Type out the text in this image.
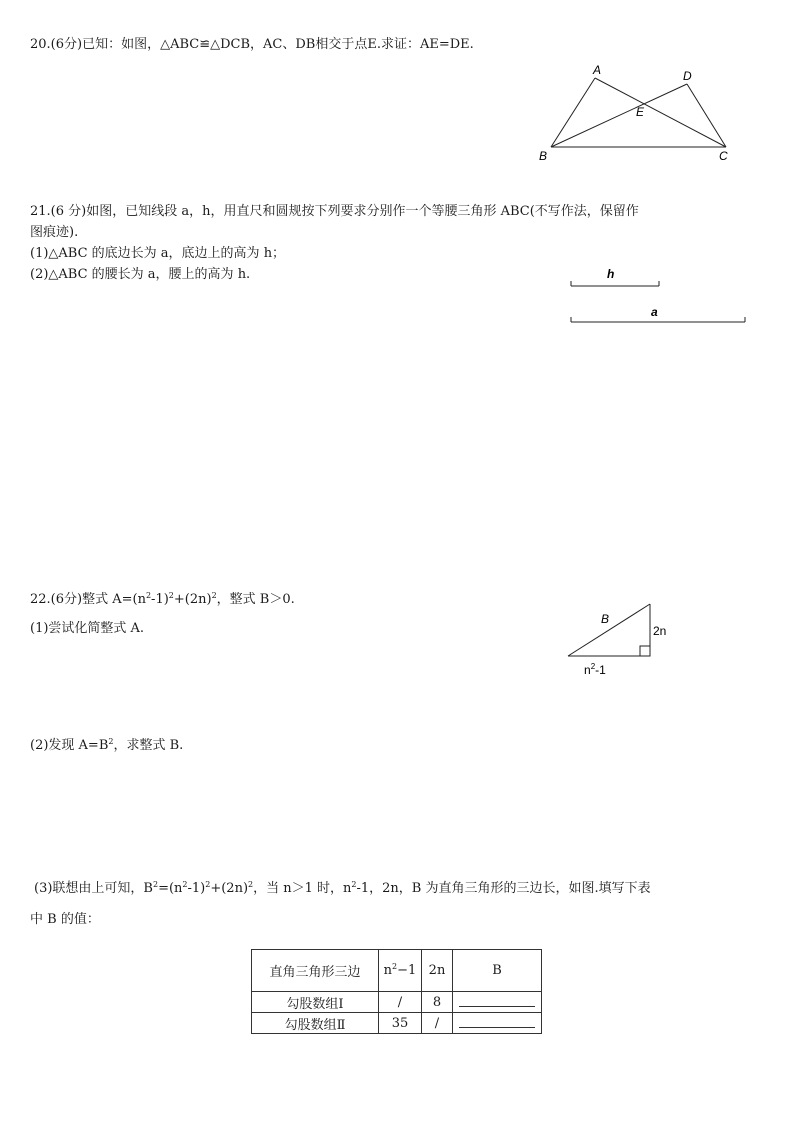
20.(6分)已知：如图，△ABC≌△DCB，AC、DB相交于点E.求证：AE=DE.
A	D
E
B	C
21.(6 分)如图，已知线段 a，h，用直尺和圆规按下列要求分别作一个等腰三角形 ABC(不写作法，保留作
图痕迹).
(1)△ABC 的底边长为 a，底边上的高为 h；
(2)△ABC 的腰长为 a，腰上的高为 h.	h
a
22.(6分)整式 $A=(n^2-1)^2+(2n)^2$，整式 B＞0.
(1)尝试化简整式 A.
B
2n
$n^2-1$
(2)发现 $A=B^2$，求整式 B.
(3)联想由上可知，$B^2=(n^2-1)^2+(2n)^2$，当 n＞1 时，$n^2-1$，2n，B 为直角三角形的三边长，如图.填写下表
中 B 的值：
直角三角形三边	$n^2-1$	2n	B
勾股数组Ⅰ	/	8	
勾股数组Ⅱ	35	/	
